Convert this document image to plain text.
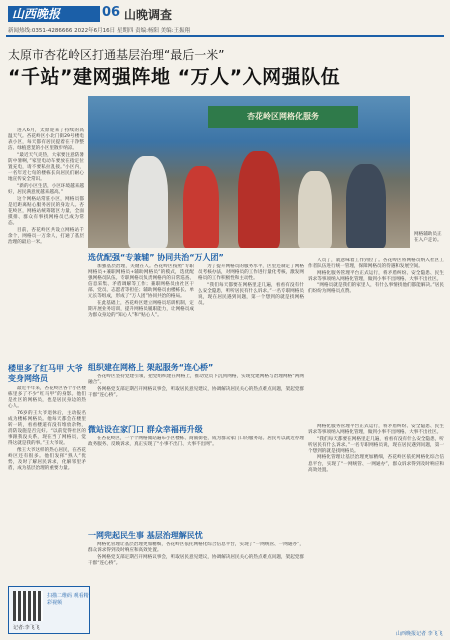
山西晚报	06 山晚调查
新闻热线:0351-4286666 2022年6月16日 星期四 责编:杨阳 美编:王振翔
太原市杏花岭区打通基层治理“最后一米”
“千站”建网强阵地 “万人”入网强队伍

进入6月，太原迎来了持续的高温天气。杏花岭区小北门街29号楼电表小区，每天都有居民提着在干净整洁、绿植葱茏的小区里散步纳凉。

“最近天气炎热，大家要注意防暑防中暑啊，”家里电动车要放在指定位置充电，请不要私拉乱接。”小区内，一名年近七旬的楼栋长向居民们耐心地宣传安全常识。

“新的小区生活，小区环境越来越好，居民满意度越来越高。”

这个网格站常驻小区，网格员都是近距离贴心服务居民的身边人。杏花岭区，网格站统筹辖区力量，全面摸排、群众有事找网格员已成为常态。

目前，杏花岭区共设立网格站千余个，网格员一万余人，打通了基层治理的最后一米。

杏花岭区网格化服务
网格辅助员正在入户走访。
选优配强“专兼辅” 协同共治“万人团”

加强基层治理，关键在人。杏花岭区按照“专职网格员+兼职网格员+辅助网格员”的模式，选优配强网格员队伍。专职网格员负责网格内的日常巡查、信息采集、矛盾调解等工作；兼职网格员由社区干部、党员、志愿者等担任；辅助网格员由楼栋长、单元长等组成，形成了“万人团”协同共治的格局。

在此基础上，杏花岭区建立网格员培训机制，定期开展业务培训，提升网格员履职能力，让网格员成为群众身边的“知心人”和“贴心人”。

为了提升网格员的服务水平，区里还制定了网格员考核办法，对网格员的工作进行量化考核，激发网格员的工作积极性和主动性。

“我们每天都要在网格里走几遍，看看有没有什么安全隐患，听听居民有什么诉求。”一名专职网格员说，现在居民遇到问题，第一个想到的就是找网格员。

人员了，就意味着工作到位了。杏花岭区将网格员纳入社区工作者队伍进行统一管理，保障网格员的待遇和发展空间。

网格化服务管理平台正式运行，将矛盾纠纷、安全隐患、民生诉求等事项纳入网格化管理，做到小事不出网格、大事不出社区。

“网格员就是我们的家里人，有什么事情找他们都能解决。”居民们纷纷为网格员点赞。

楼里多了红马甲 大爷变身网络员

最近半年来，杏花岭区各个小区楼栋里多了不少“红马甲”的身影。他们是社区的网格员，也是居民身边的热心人。

76岁的王大爷退休后，主动报名成为楼栋网格员。他每天都会在楼里转一转，看看楼道有没有堆放杂物，消防设施是否完好。“以前觉得社区的事跟我没关系，现在当了网格员，觉得这就是我的事。”王大爷说。

像王大爷这样的热心居民，在杏花岭区还有很多。他们发挥“熟人”优势，及时了解居民诉求，化解邻里矛盾，成为基层治理的重要力量。

组织建在网格上 架起服务“连心桥”

杏花岭区坚持党建引领，把党组织建在网格上，推动党员下沉到网格，实现党建网格与治理网格“两网融合”。

各网格党支部定期召开网格议事会，听取居民意见建议，协调解决居民关心的热点难点问题，架起党群干群“连心桥”。

微站设在家门口 群众幸福再升级

在杏花岭区，一个个网格微站遍布小区楼栋、商铺街巷，成为群众家门口的服务站。居民可以就近办理政务服务、反映诉求，真正实现了“小事不出门、大事不出网”。

网格化服务管理平台正式运行，将矛盾纠纷、安全隐患、民生诉求等事项纳入网格化管理，做到小事不出网格、大事不出社区。

“我们每天都要在网格里走几遍，看看有没有什么安全隐患，听听居民有什么诉求。”一名专职网格员说，现在居民遇到问题，第一个想到的就是找网格员。

网格化管理让基层治理更加精细，杏花岭区依托网格化综合信息平台，实现了“一网统管、一网通办”，群众诉求得到及时响应和高效处置。

一网兜起民生事 基层治理解民忧

网格化管理让基层治理更加精细，杏花岭区依托网格化综合信息平台，实现了“一网统管、一网通办”，群众诉求得到及时响应和高效处置。

各网格党支部定期召开网格议事会，听取居民意见建议，协调解决居民关心的热点难点问题，架起党群干群“连心桥”。

扫描二维码 观看精彩视频
记者:李飞飞
山西晚报记者 李飞飞
